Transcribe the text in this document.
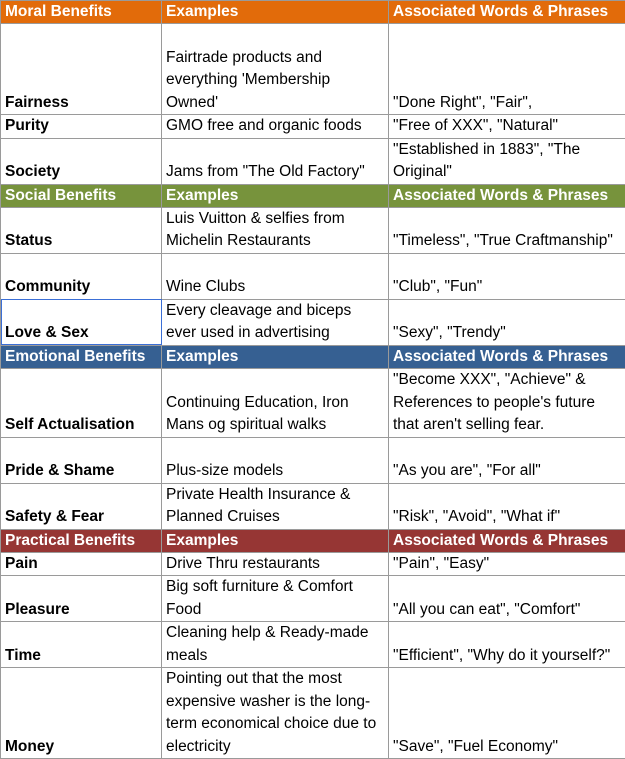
Moral Benefits	Examples	Associated Words & Phrases
Fairness	Fairtrade products and everything 'Membership Owned'	"Done Right", "Fair",
Purity	GMO free and organic foods	"Free of XXX", "Natural"
Society	Jams from "The Old Factory"	"Established in 1883", "The Original"
Social Benefits	Examples	Associated Words & Phrases
Status	Luis Vuitton & selfies from Michelin Restaurants	"Timeless", "True Craftmanship"
Community	Wine Clubs	"Club", "Fun"
Love & Sex	Every cleavage and biceps ever used in advertising	"Sexy", "Trendy"
Emotional Benefits	Examples	Associated Words & Phrases
Self Actualisation	Continuing Education, Iron Mans og spiritual walks	"Become XXX", "Achieve" & References to people's future that aren't selling fear.
Pride & Shame	Plus-size models	"As you are", "For all"
Safety & Fear	Private Health Insurance & Planned Cruises	"Risk", "Avoid", "What if"
Practical Benefits	Examples	Associated Words & Phrases
Pain	Drive Thru restaurants	"Pain", "Easy"
Pleasure	Big soft furniture & Comfort Food	"All you can eat", "Comfort"
Time	Cleaning help & Ready-made meals	"Efficient", "Why do it yourself?"
Money	Pointing out that the most expensive washer is the long-term economical choice due to electricity	"Save", "Fuel Economy"
